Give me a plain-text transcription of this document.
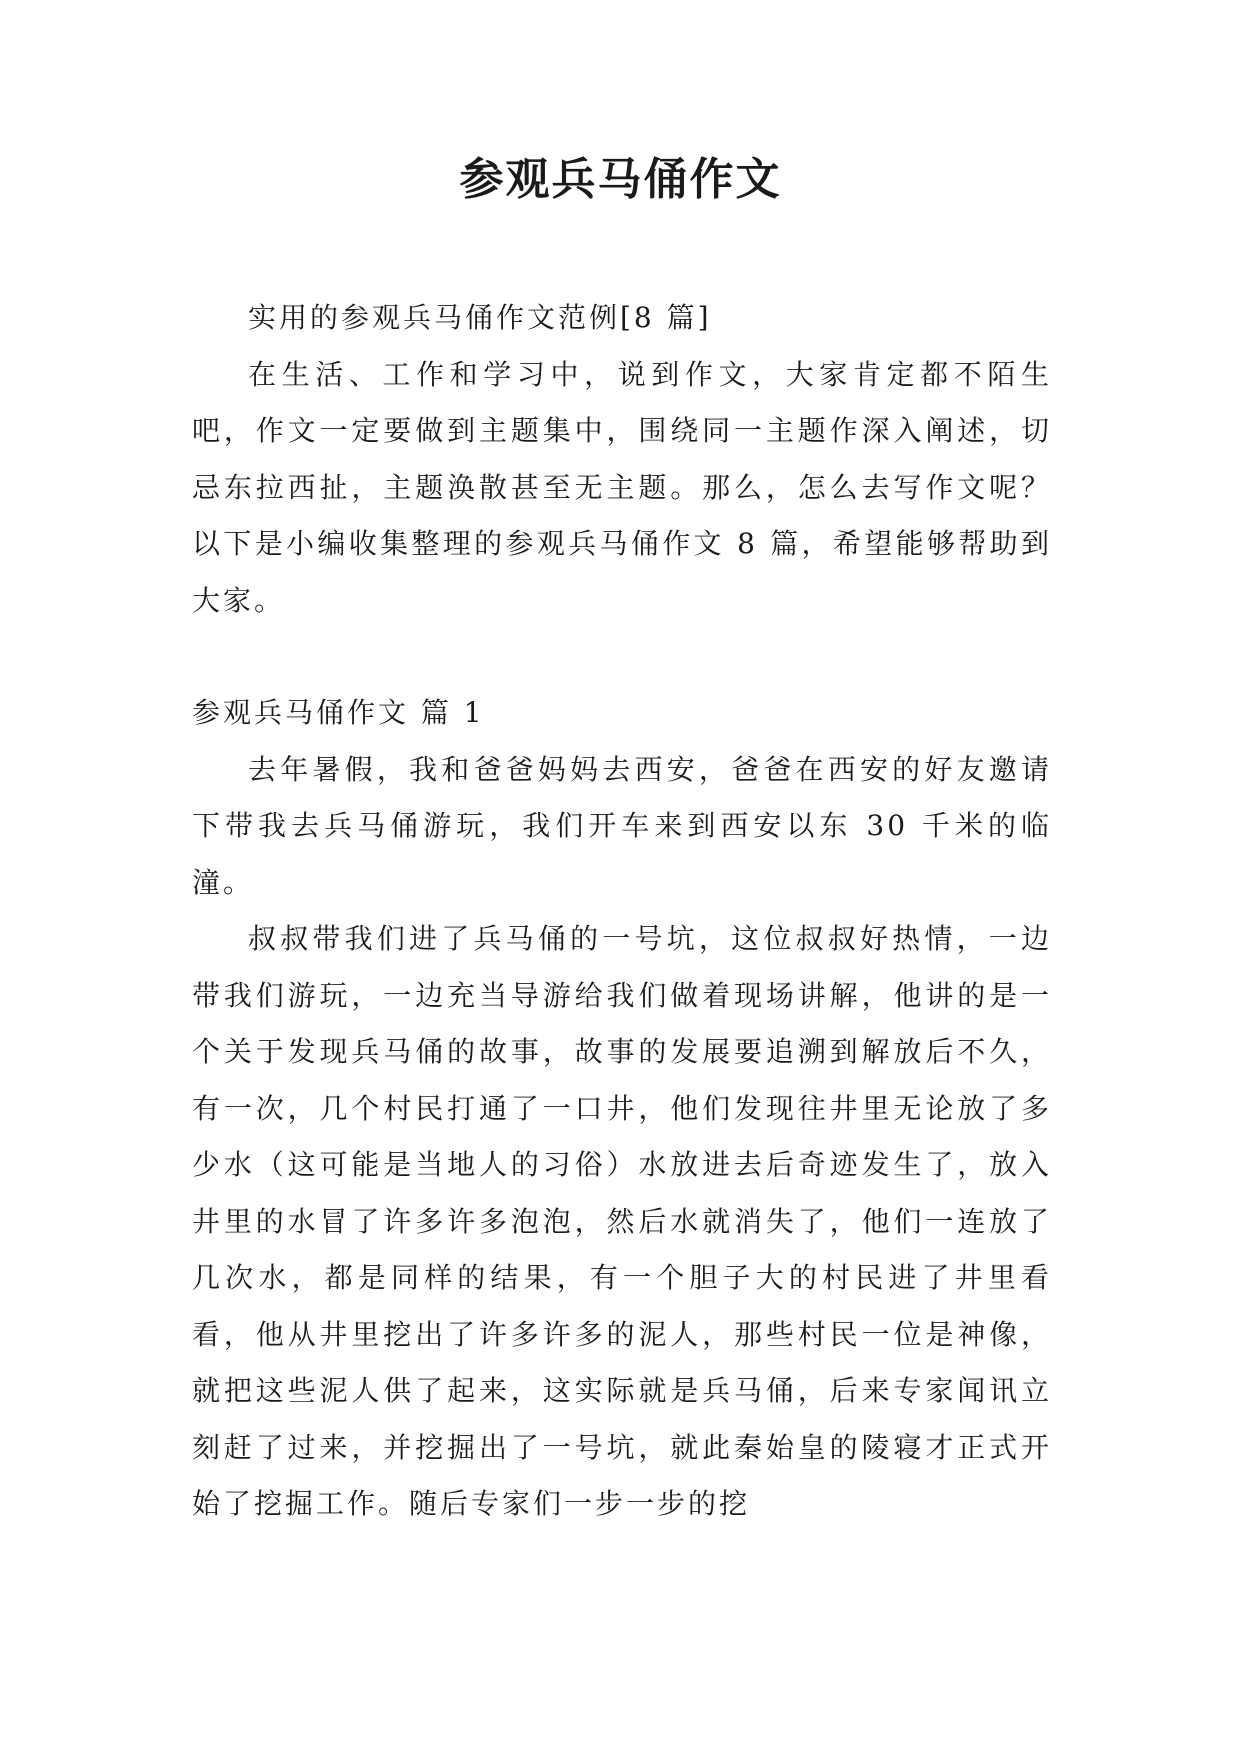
参观兵马俑作文

实用的参观兵马俑作文范例[8 篇]

在生活、工作和学习中，说到作文，大家肯定都不陌生吧，作文一定要做到主题集中，围绕同一主题作深入阐述，切忌东拉西扯，主题涣散甚至无主题。那么，怎么去写作文呢？以下是小编收集整理的参观兵马俑作文 8 篇，希望能够帮助到大家。

参观兵马俑作文 篇 1

去年暑假，我和爸爸妈妈去西安，爸爸在西安的好友邀请下带我去兵马俑游玩，我们开车来到西安以东 30 千米的临潼。

叔叔带我们进了兵马俑的一号坑，这位叔叔好热情，一边带我们游玩，一边充当导游给我们做着现场讲解，他讲的是一个关于发现兵马俑的故事，故事的发展要追溯到解放后不久，有一次，几个村民打通了一口井，他们发现往井里无论放了多少水（这可能是当地人的习俗）水放进去后奇迹发生了，放入井里的水冒了许多许多泡泡，然后水就消失了，他们一连放了几次水，都是同样的结果，有一个胆子大的村民进了井里看看，他从井里挖出了许多许多的泥人，那些村民一位是神像，就把这些泥人供了起来，这实际就是兵马俑，后来专家闻讯立刻赶了过来，并挖掘出了一号坑，就此秦始皇的陵寝才正式开始了挖掘工作。随后专家们一步一步的挖
